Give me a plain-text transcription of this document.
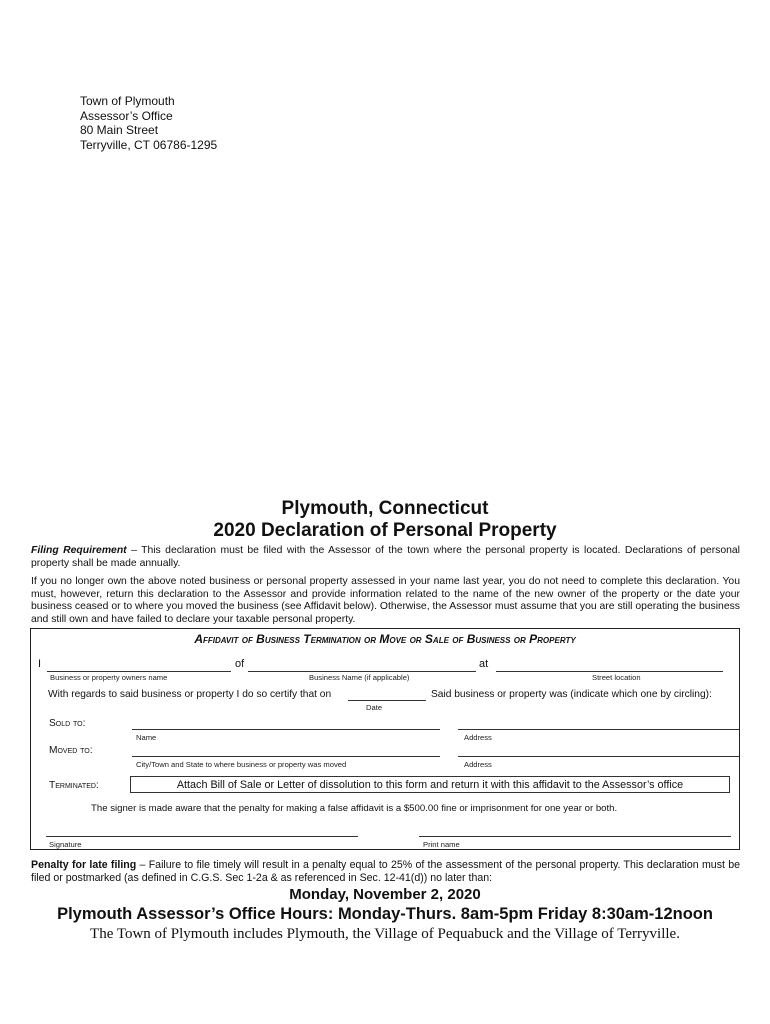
Town of Plymouth
Assessor’s Office
80 Main Street
Terryville, CT 06786-1295
Plymouth, Connecticut
2020 Declaration of Personal Property
Filing Requirement – This declaration must be filed with the Assessor of the town where the personal property is located. Declarations of personal property shall be made annually.
If you no longer own the above noted business or personal property assessed in your name last year, you do not need to complete this declaration. You must, however, return this declaration to the Assessor and provide information related to the name of the new owner of the property or the date your business ceased or to where you moved the business (see Affidavit below). Otherwise, the Assessor must assume that you are still operating the business and still own and have failed to declare your taxable personal property.
Affidavit of Business Termination or Move or Sale of Business or Property
I	of	at
Business or property owners name	Business Name (if applicable)	Street location
With regards to said business or property I do so certify that on	Said business or property was (indicate which one by circling):
Date
Sold to:
Name	Address
Moved to:
City/Town and State to where business or property was moved	Address
Terminated:	Attach Bill of Sale or Letter of dissolution to this form and return it with this affidavit to the Assessor’s office
The signer is made aware that the penalty for making a false affidavit is a $500.00 fine or imprisonment for one year or both.
Signature	Print name
Penalty for late filing – Failure to file timely will result in a penalty equal to 25% of the assessment of the personal property. This declaration must be filed or postmarked (as defined in C.G.S. Sec 1-2a & as referenced in Sec. 12-41(d)) no later than:
Monday, November 2, 2020
Plymouth Assessor’s Office Hours: Monday-Thurs. 8am-5pm Friday 8:30am-12noon
The Town of Plymouth includes Plymouth, the Village of Pequabuck and the Village of Terryville.
